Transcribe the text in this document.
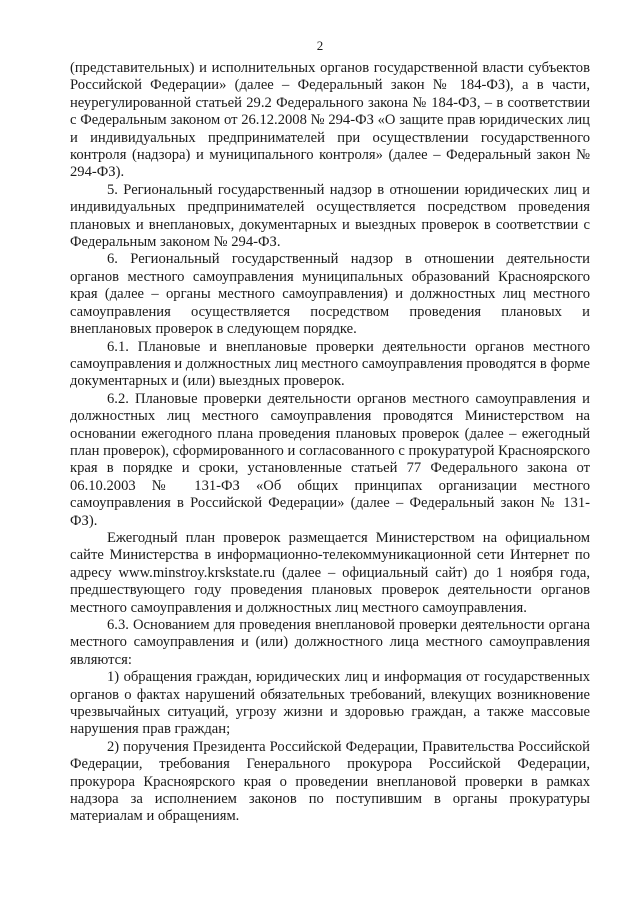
2

(представительных) и исполнительных органов государственной власти субъектов Российской Федерации» (далее – Федеральный закон № 184-ФЗ), а в части, неурегулированной статьей 29.2 Федерального закона № 184-ФЗ, – в соответствии с Федеральным законом от 26.12.2008 № 294-ФЗ «О защите прав юридических лиц и индивидуальных предпринимателей при осуществлении государственного контроля (надзора) и муниципального контроля» (далее – Федеральный закон № 294-ФЗ).

5. Региональный государственный надзор в отношении юридических лиц и индивидуальных предпринимателей осуществляется посредством проведения плановых и внеплановых, документарных и выездных проверок в соответствии с Федеральным законом № 294-ФЗ.

6. Региональный государственный надзор в отношении деятельности органов местного самоуправления муниципальных образований Красноярского края (далее – органы местного самоуправления) и должностных лиц местного самоуправления осуществляется посредством проведения плановых и внеплановых проверок в следующем порядке.

6.1. Плановые и внеплановые проверки деятельности органов местного самоуправления и должностных лиц местного самоуправления проводятся в форме документарных и (или) выездных проверок.

6.2. Плановые проверки деятельности органов местного самоуправления и должностных лиц местного самоуправления проводятся Министерством на основании ежегодного плана проведения плановых проверок (далее – ежегодный план проверок), сформированного и согласованного с прокуратурой Красноярского края в порядке и сроки, установленные статьей 77 Федерального закона от 06.10.2003 № 131-ФЗ «Об общих принципах организации местного самоуправления в Российской Федерации» (далее – Федеральный закон № 131-ФЗ).

Ежегодный план проверок размещается Министерством на официальном сайте Министерства в информационно-телекоммуникационной сети Интернет по адресу www.minstroy.krskstate.ru (далее – официальный сайт) до 1 ноября года, предшествующего году проведения плановых проверок деятельности органов местного самоуправления и должностных лиц местного самоуправления.

6.3. Основанием для проведения внеплановой проверки деятельности органа местного самоуправления и (или) должностного лица местного самоуправления являются:

1) обращения граждан, юридических лиц и информация от государственных органов о фактах нарушений обязательных требований, влекущих возникновение чрезвычайных ситуаций, угрозу жизни и здоровью граждан, а также массовые нарушения прав граждан;

2) поручения Президента Российской Федерации, Правительства Российской Федерации, требования Генерального прокурора Российской Федерации, прокурора Красноярского края о проведении внеплановой проверки в рамках надзора за исполнением законов по поступившим в органы прокуратуры материалам и обращениям.
